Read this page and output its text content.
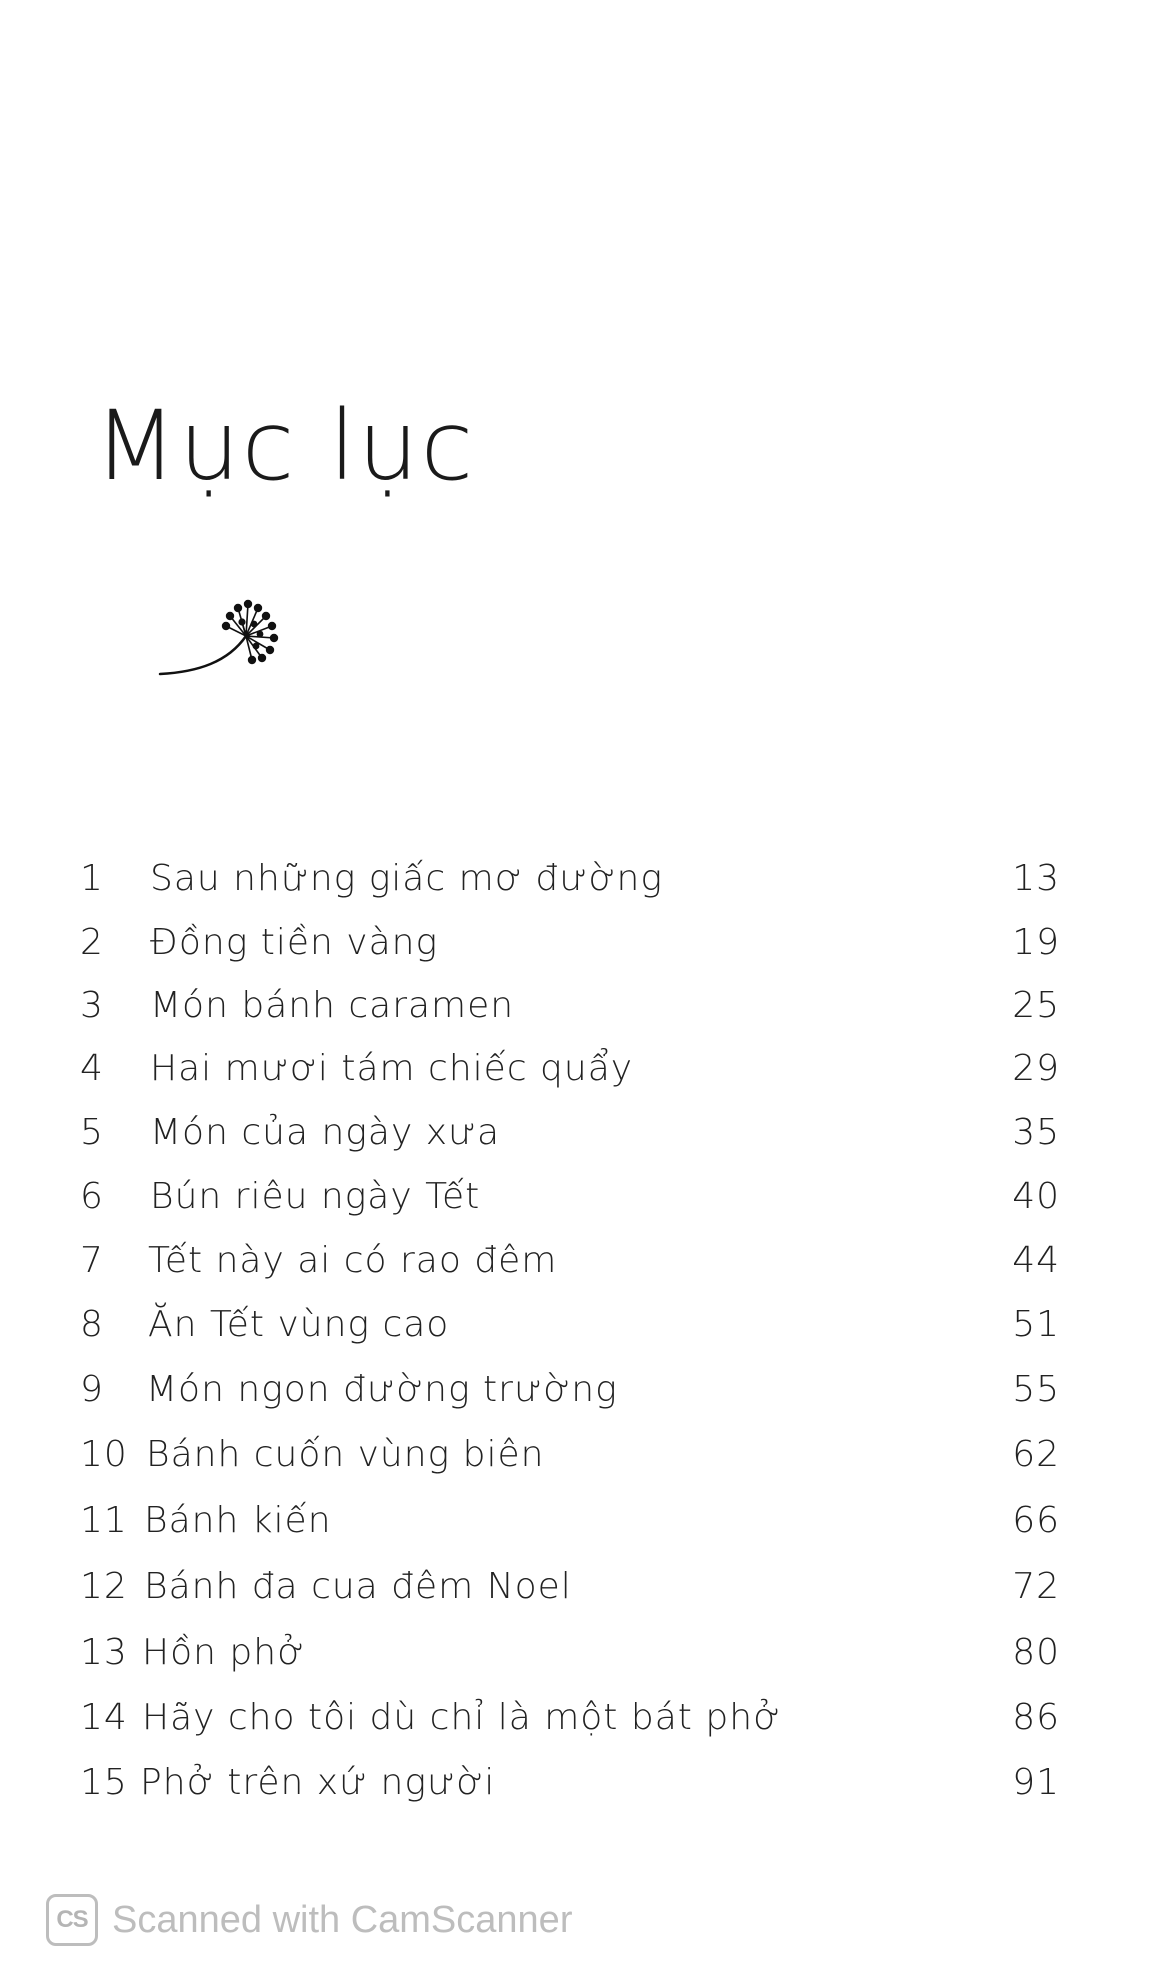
Mục lục
1 Sau những giấc mơ đường	13
2 Đồng tiền vàng	19
3 Món bánh caramen	25
4 Hai mươi tám chiếc quẩy	29
5 Món của ngày xưa	35
6 Bún riêu ngày Tết	40
7 Tết này ai có rao đêm	44
8 Ăn Tết vùng cao	51
9 Món ngon đường trường	55
10 Bánh cuốn vùng biên	62
11 Bánh kiến	66
12 Bánh đa cua đêm Noel	72
13 Hồn phở	80
14 Hãy cho tôi dù chỉ là một bát phở	86
15 Phở trên xứ người	91
CS Scanned with CamScanner
